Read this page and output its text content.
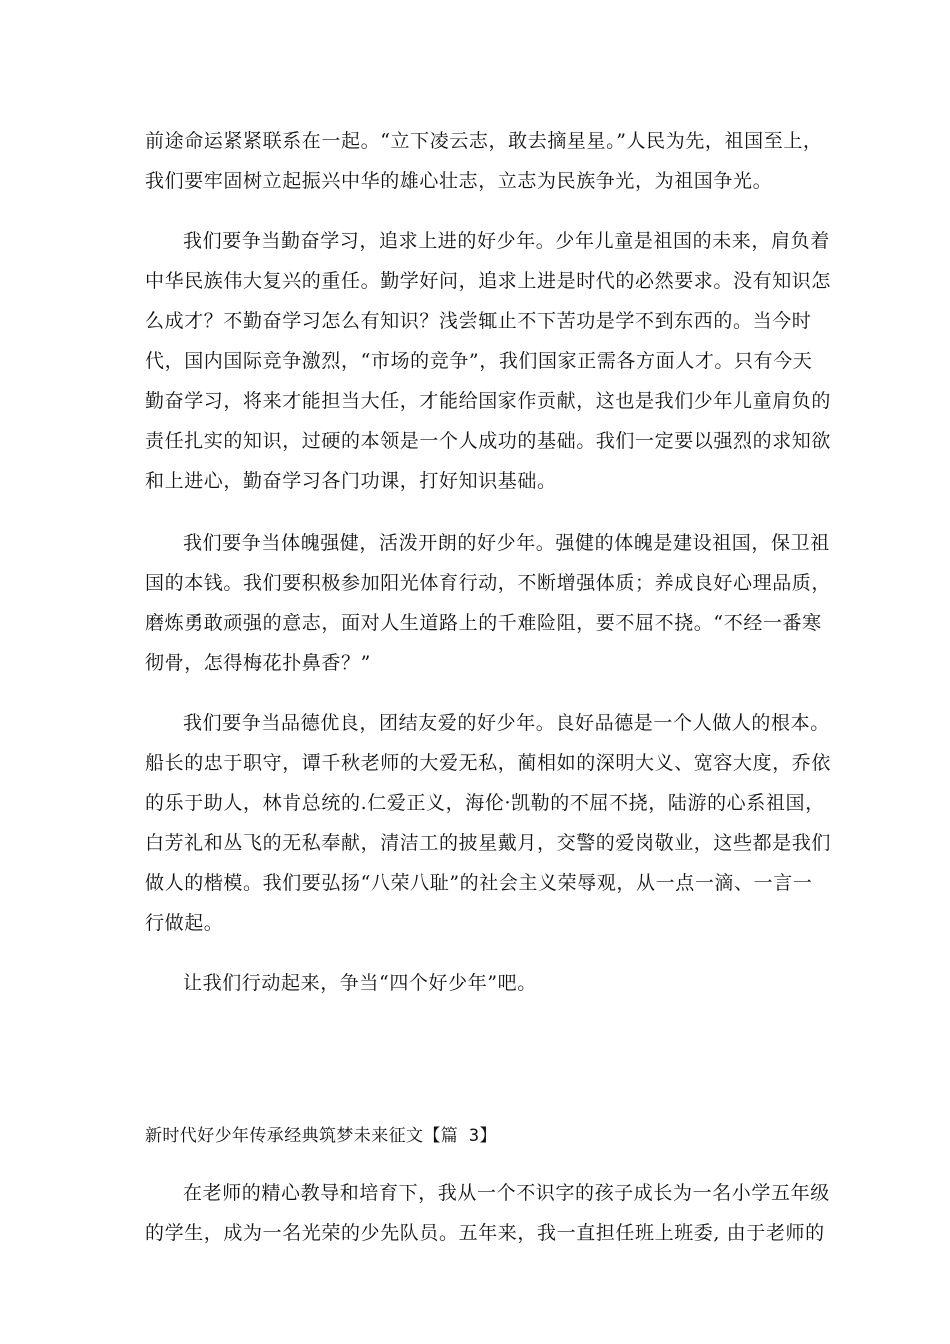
前途命运紧紧联系在一起。“立下凌云志，敢去摘星星。”人民为先，祖国至上，
我们要牢固树立起振兴中华的雄心壮志，立志为民族争光，为祖国争光。
我们要争当勤奋学习，追求上进的好少年。少年儿童是祖国的未来，肩负着
中华民族伟大复兴的重任。勤学好问，追求上进是时代的必然要求。没有知识怎
么成才？不勤奋学习怎么有知识？浅尝辄止不下苦功是学不到东西的。当今时
代，国内国际竞争激烈，“市场的竞争”，我们国家正需各方面人才。只有今天
勤奋学习，将来才能担当大任，才能给国家作贡献，这也是我们少年儿童肩负的
责任扎实的知识，过硬的本领是一个人成功的基础。我们一定要以强烈的求知欲
和上进心，勤奋学习各门功课，打好知识基础。
我们要争当体魄强健，活泼开朗的好少年。强健的体魄是建设祖国，保卫祖
国的本钱。我们要积极参加阳光体育行动，不断增强体质；养成良好心理品质，
磨炼勇敢顽强的意志，面对人生道路上的千难险阻，要不屈不挠。“不经一番寒
彻骨，怎得梅花扑鼻香？”
我们要争当品德优良，团结友爱的好少年。良好品德是一个人做人的根本。
船长的忠于职守，谭千秋老师的大爱无私，蔺相如的深明大义、宽容大度，乔依
的乐于助人，林肯总统的.仁爱正义，海伦·凯勒的不屈不挠，陆游的心系祖国，
白芳礼和丛飞的无私奉献，清洁工的披星戴月，交警的爱岗敬业，这些都是我们
做人的楷模。我们要弘扬“八荣八耻”的社会主义荣辱观，从一点一滴、一言一
行做起。
让我们行动起来，争当“四个好少年”吧。
新时代好少年传承经典筑梦未来征文【篇 3】
在老师的精心教导和培育下，我从一个不识字的孩子成长为一名小学五年级
的学生，成为一名光荣的少先队员。五年来，我一直担任班上班委, 由于老师的
